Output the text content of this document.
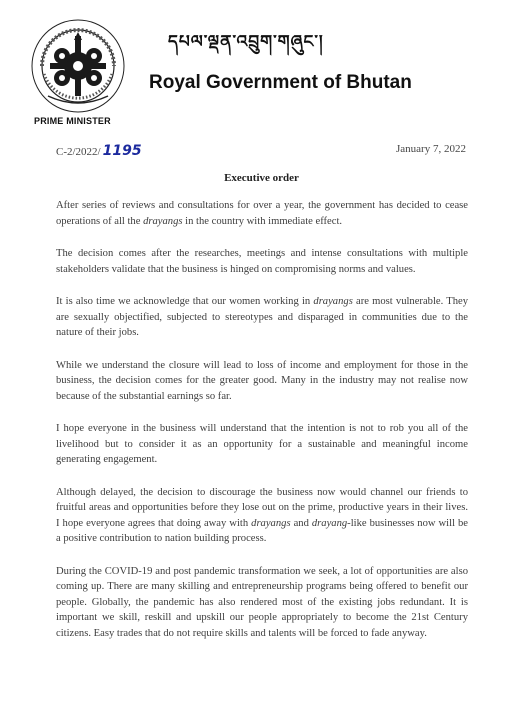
PRIME MINISTER
དཔལ་ལྡན་འབྲུག་གཞུང་།
Royal Government of Bhutan
C-2/2022/ 1195	January 7, 2022
Executive order

After series of reviews and consultations for over a year, the government has decided to cease operations of all the drayangs in the country with immediate effect.

The decision comes after the researches, meetings and intense consultations with multiple stakeholders validate that the business is hinged on compromising norms and values.

It is also time we acknowledge that our women working in drayangs are most vulnerable. They are sexually objectified, subjected to stereotypes and disparaged in communities due to the nature of their jobs.

While we understand the closure will lead to loss of income and employment for those in the business, the decision comes for the greater good. Many in the industry may not realise now because of the substantial earnings so far.

I hope everyone in the business will understand that the intention is not to rob you all of the livelihood but to consider it as an opportunity for a sustainable and meaningful income generating engagement.

Although delayed, the decision to discourage the business now would channel our friends to fruitful areas and opportunities before they lose out on the prime, productive years in their lives. I hope everyone agrees that doing away with drayangs and drayang-like businesses now will be a positive contribution to nation building process.

During the COVID-19 and post pandemic transformation we seek, a lot of opportunities are also coming up. There are many skilling and entrepreneurship programs being offered to benefit our people. Globally, the pandemic has also rendered most of the existing jobs redundant. It is important we skill, reskill and upskill our people appropriately to become the 21st Century citizens. Easy trades that do not require skills and talents will be forced to fade anyway.
